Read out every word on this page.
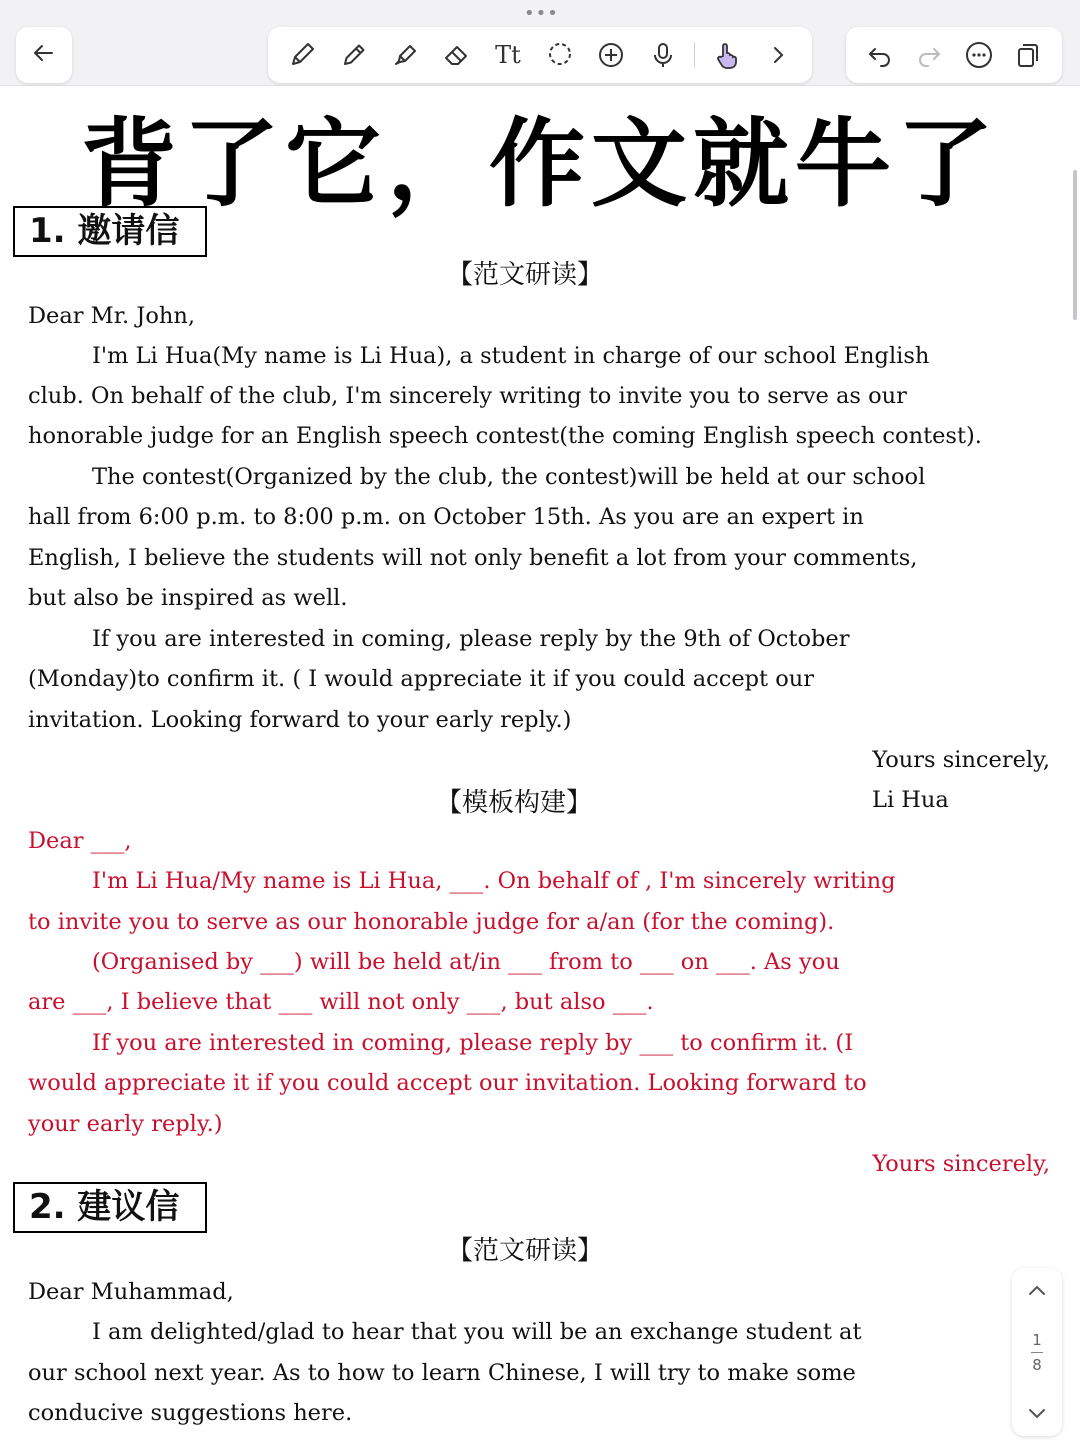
•••
Tt
背了它，作文就牛了
1. 邀请信
【范文研读】
Dear Mr. John,
I'm Li Hua(My name is Li Hua), a student in charge of our school English
club. On behalf of the club, I'm sincerely writing to invite you to serve as our
honorable judge for an English speech contest(the coming English speech contest).
The contest(Organized by the club, the contest)will be held at our school
hall from 6:00 p.m. to 8:00 p.m. on October 15th. As you are an expert in
English, I believe the students will not only benefit a lot from your comments,
but also be inspired as well.
If you are interested in coming, please reply by the 9th of October
(Monday)to confirm it. ( I would appreciate it if you could accept our
invitation. Looking forward to your early reply.)
Yours sincerely,
【模板构建】	Li Hua
Dear ___,
I'm Li Hua/My name is Li Hua, ___. On behalf of , I'm sincerely writing
to invite you to serve as our honorable judge for a/an (for the coming).
(Organised by ___) will be held at/in ___ from to ___ on ___. As you
are ___, I believe that ___ will not only ___, but also ___.
If you are interested in coming, please reply by ___ to confirm it. (I
would appreciate it if you could accept our invitation. Looking forward to
your early reply.)
Yours sincerely,
2. 建议信
【范文研读】
Dear Muhammad,
I am delighted/glad to hear that you will be an exchange student at
our school next year. As to how to learn Chinese, I will try to make some
conducive suggestions here.
1
8
